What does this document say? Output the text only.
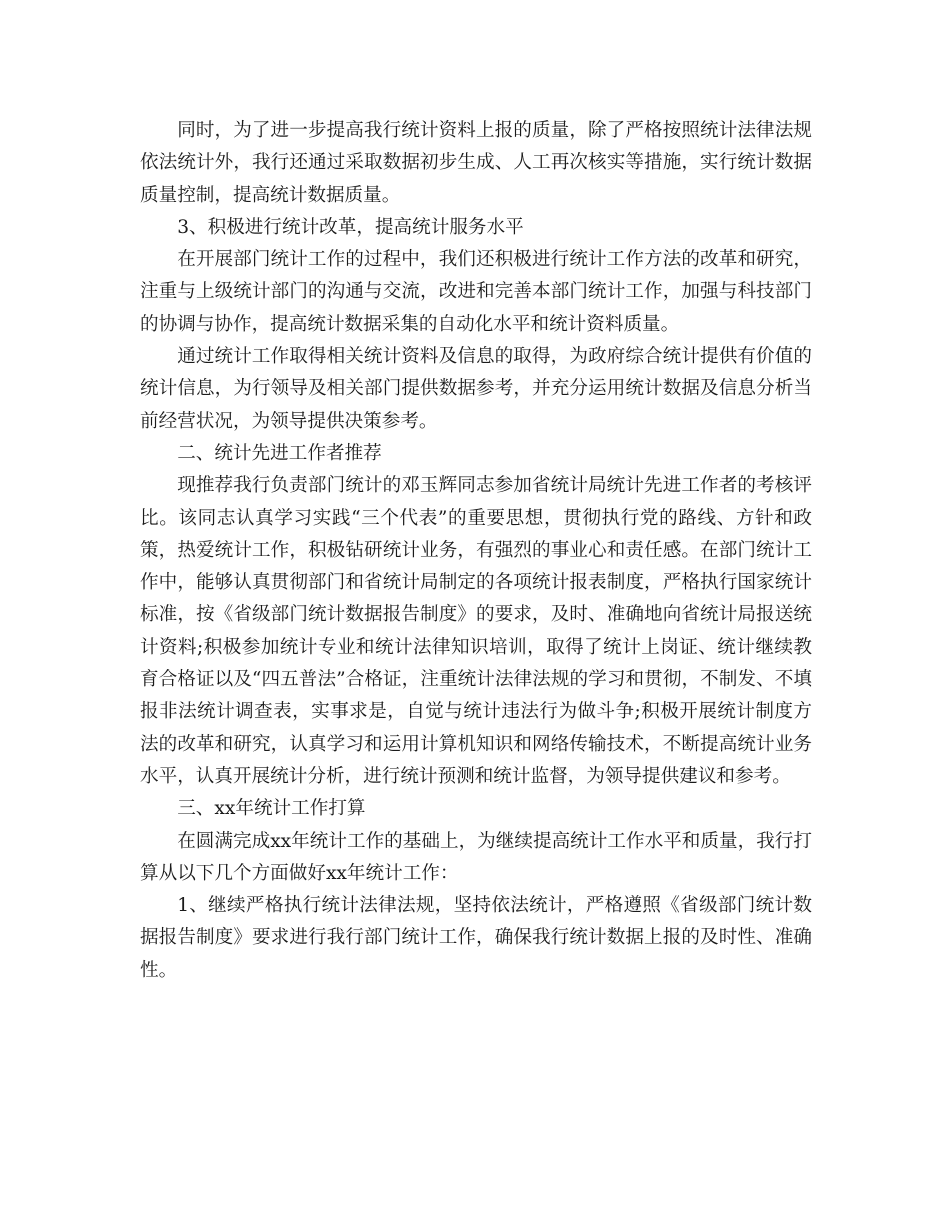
同时，为了进一步提高我行统计资料上报的质量，除了严格按照统计法律法规依法统计外，我行还通过采取数据初步生成、人工再次核实等措施，实行统计数据质量控制，提高统计数据质量。

3、积极进行统计改革，提高统计服务水平

在开展部门统计工作的过程中，我们还积极进行统计工作方法的改革和研究，注重与上级统计部门的沟通与交流，改进和完善本部门统计工作，加强与科技部门的协调与协作，提高统计数据采集的自动化水平和统计资料质量。

通过统计工作取得相关统计资料及信息的取得，为政府综合统计提供有价值的统计信息，为行领导及相关部门提供数据参考，并充分运用统计数据及信息分析当前经营状况，为领导提供决策参考。

二、统计先进工作者推荐

现推荐我行负责部门统计的邓玉辉同志参加省统计局统计先进工作者的考核评比。该同志认真学习实践“三个代表”的重要思想，贯彻执行党的路线、方针和政策，热爱统计工作，积极钻研统计业务，有强烈的事业心和责任感。在部门统计工作中，能够认真贯彻部门和省统计局制定的各项统计报表制度，严格执行国家统计标准，按《省级部门统计数据报告制度》的要求，及时、准确地向省统计局报送统计资料;积极参加统计专业和统计法律知识培训，取得了统计上岗证、统计继续教育合格证以及“四五普法”合格证，注重统计法律法规的学习和贯彻，不制发、不填报非法统计调查表，实事求是，自觉与统计违法行为做斗争;积极开展统计制度方法的改革和研究，认真学习和运用计算机知识和网络传输技术，不断提高统计业务水平，认真开展统计分析，进行统计预测和统计监督，为领导提供建议和参考。

三、xx年统计工作打算

在圆满完成xx年统计工作的基础上，为继续提高统计工作水平和质量，我行打算从以下几个方面做好xx年统计工作：

1、继续严格执行统计法律法规，坚持依法统计，严格遵照《省级部门统计数据报告制度》要求进行我行部门统计工作，确保我行统计数据上报的及时性、准确性。
